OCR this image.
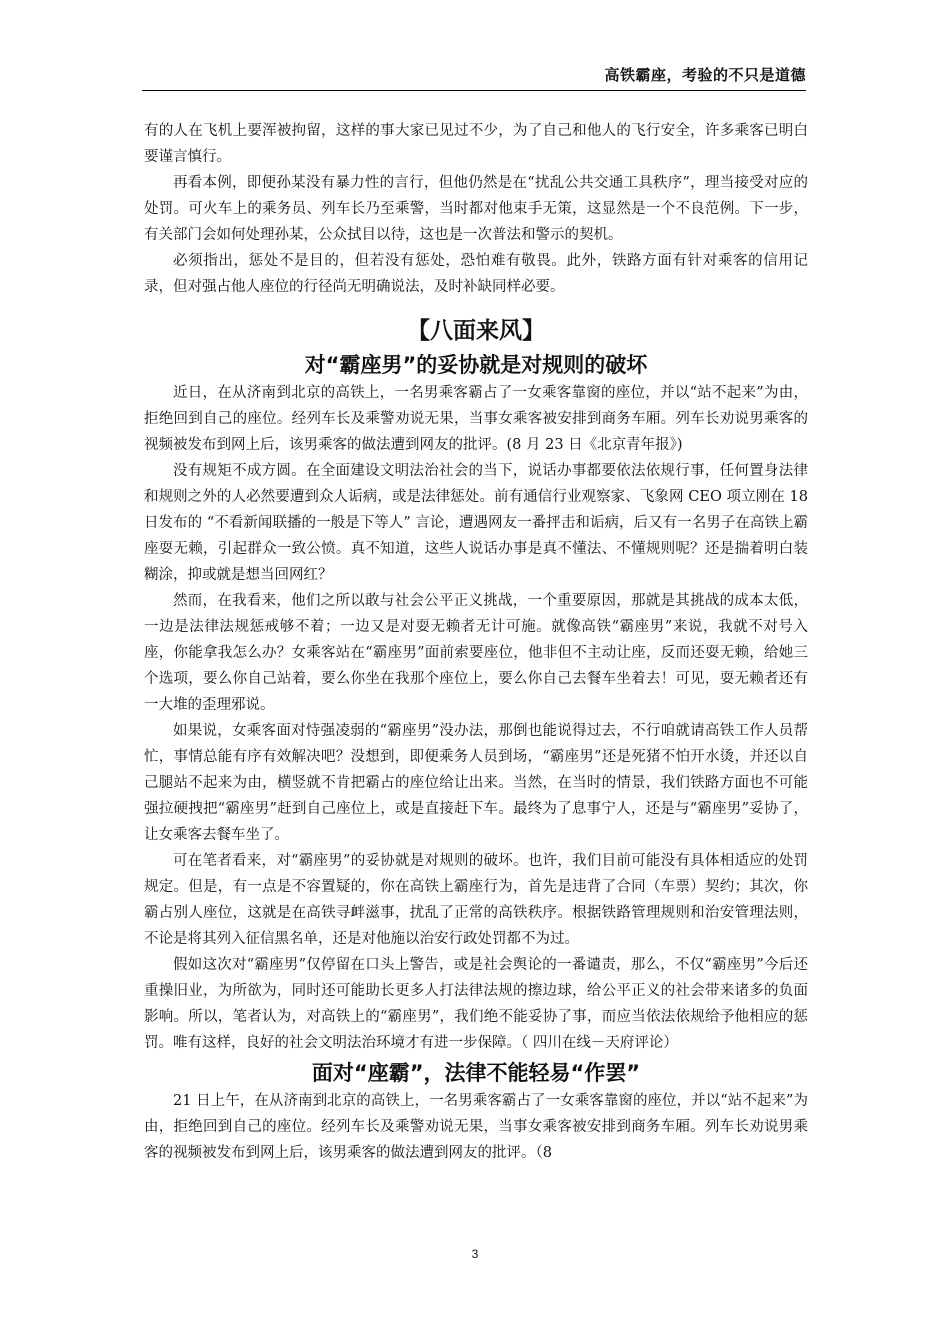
高铁霸座，考验的不只是道德

有的人在飞机上要浑被拘留，这样的事大家已见过不少，为了自己和他人的飞行安全，许多乘客已明白要谨言慎行。

再看本例，即便孙某没有暴力性的言行，但他仍然是在“扰乱公共交通工具秩序”，理当接受对应的处罚。可火车上的乘务员、列车长乃至乘警，当时都对他束手无策，这显然是一个不良范例。下一步，有关部门会如何处理孙某，公众拭目以待，这也是一次普法和警示的契机。

必须指出，惩处不是目的，但若没有惩处，恐怕难有敬畏。此外，铁路方面有针对乘客的信用记录，但对强占他人座位的行径尚无明确说法，及时补缺同样必要。

【八面来风】
对“霸座男”的妥协就是对规则的破坏

近日，在从济南到北京的高铁上，一名男乘客霸占了一女乘客靠窗的座位，并以“站不起来”为由，拒绝回到自己的座位。经列车长及乘警劝说无果，当事女乘客被安排到商务车厢。列车长劝说男乘客的视频被发布到网上后，该男乘客的做法遭到网友的批评。(8 月 23 日《北京青年报》)

没有规矩不成方圆。在全面建设文明法治社会的当下，说话办事都要依法依规行事，任何置身法律和规则之外的人必然要遭到众人诟病，或是法律惩处。前有通信行业观察家、飞象网 CEO 项立刚在 18 日发布的 “不看新闻联播的一般是下等人” 言论，遭遇网友一番抨击和诟病，后又有一名男子在高铁上霸座耍无赖，引起群众一致公愤。真不知道，这些人说话办事是真不懂法、不懂规则呢？还是揣着明白装糊涂，抑或就是想当回网红？

然而，在我看来，他们之所以敢与社会公平正义挑战，一个重要原因，那就是其挑战的成本太低，一边是法律法规惩戒够不着；一边又是对耍无赖者无计可施。就像高铁“霸座男”来说，我就不对号入座，你能拿我怎么办？女乘客站在“霸座男”面前索要座位，他非但不主动让座，反而还耍无赖，给她三个选项，要么你自己站着，要么你坐在我那个座位上，要么你自己去餐车坐着去！可见，耍无赖者还有一大堆的歪理邪说。

如果说，女乘客面对恃强凌弱的“霸座男”没办法，那倒也能说得过去，不行咱就请高铁工作人员帮忙，事情总能有序有效解决吧？没想到，即便乘务人员到场，“霸座男”还是死猪不怕开水烫，并还以自己腿站不起来为由，横竖就不肯把霸占的座位给让出来。当然，在当时的情景，我们铁路方面也不可能强拉硬拽把“霸座男”赶到自己座位上，或是直接赶下车。最终为了息事宁人，还是与“霸座男”妥协了，让女乘客去餐车坐了。

可在笔者看来，对“霸座男”的妥协就是对规则的破坏。也许，我们目前可能没有具体相适应的处罚规定。但是，有一点是不容置疑的，你在高铁上霸座行为，首先是违背了合同（车票）契约；其次，你霸占别人座位，这就是在高铁寻衅滋事，扰乱了正常的高铁秩序。根据铁路管理规则和治安管理法则，不论是将其列入征信黑名单，还是对他施以治安行政处罚都不为过。

假如这次对“霸座男”仅停留在口头上警告，或是社会舆论的一番谴责，那么，不仅“霸座男”今后还重操旧业，为所欲为，同时还可能助长更多人打法律法规的擦边球，给公平正义的社会带来诸多的负面影响。所以，笔者认为，对高铁上的“霸座男”，我们绝不能妥协了事，而应当依法依规给予他相应的惩罚。唯有这样，良好的社会文明法治环境才有进一步保障。（ 四川在线－天府评论）

面对“座霸”，法律不能轻易“作罢”

21 日上午，在从济南到北京的高铁上，一名男乘客霸占了一女乘客靠窗的座位，并以“站不起来”为由，拒绝回到自己的座位。经列车长及乘警劝说无果，当事女乘客被安排到商务车厢。列车长劝说男乘客的视频被发布到网上后，该男乘客的做法遭到网友的批评。（8

3
